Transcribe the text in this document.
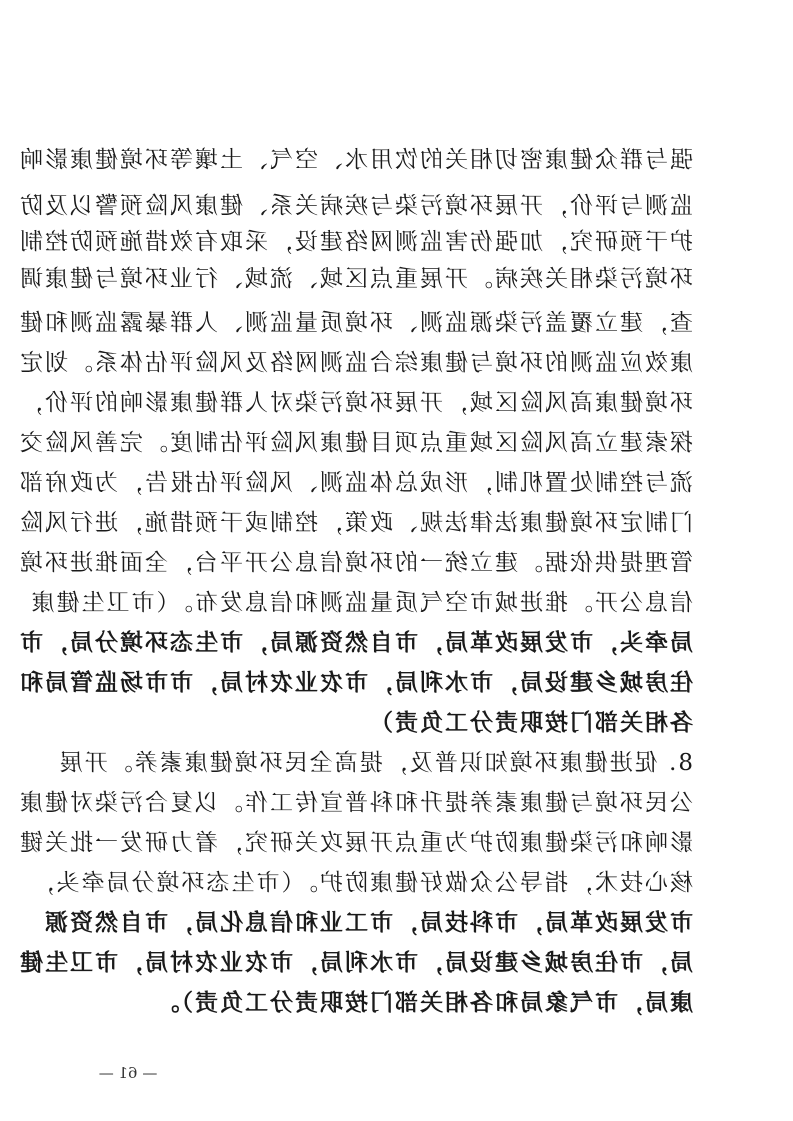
强与群众健康密切相关的饮用水、空气、土壤等环境健康影响
监测与评价，开展环境污染与疾病关系、健康风险预警以及防
护干预研究，加强伤害监测网络建设，采取有效措施预防控制
环境污染相关疾病。开展重点区域、流域、行业环境与健康调
查，建立覆盖污染源监测、环境质量监测、人群暴露监测和健
康效应监测的环境与健康综合监测网络及风险评估体系。划定
环境健康高风险区域，开展环境污染对人群健康影响的评价，
探索建立高风险区域重点项目健康风险评估制度。完善风险交
流与控制处置机制，形成总体监测、风险评估报告，为政府部
门制定环境健康法律法规、政策，控制或干预措施，进行风险
管理提供依据。建立统一的环境信息公开平台，全面推进环境
信息公开。推进城市空气质量监测和信息发布。（市卫生健康
局牵头，市发展改革局，市自然资源局，市生态环境分局，市
住房城乡建设局，市水利局，市农业农村局，市市场监管局和
各相关部门按职责分工负责）
8. 促进健康环境知识普及，提高全民环境健康素养。开展
公民环境与健康素养提升和科普宣传工作。以复合污染对健康
影响和污染健康防护为重点开展攻关研究，着力研发一批关键
核心技术，指导公众做好健康防护。（市生态环境分局牵头，
市发展改革局，市科技局，市工业和信息化局，市自然资源
局，市住房城乡建设局，市水利局，市农业农村局，市卫生健
康局，市气象局和各相关部门按职责分工负责）。
— 61 —
